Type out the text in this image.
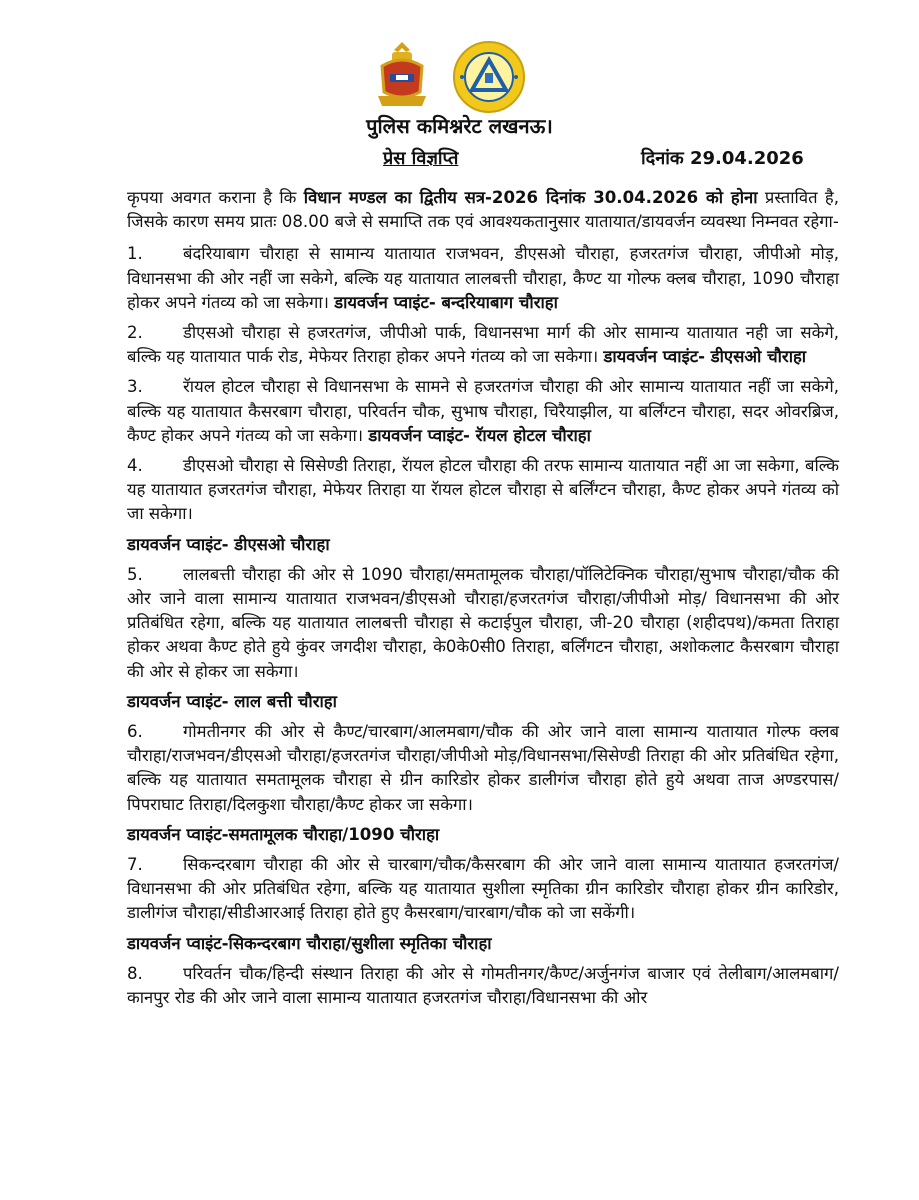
पुलिस कमिश्नरेट लखनऊ।
प्रेस विज्ञप्ति	दिनांक 29.04.2026

कृपया अवगत कराना है कि विधान मण्डल का द्वितीय सत्र-2026 दिनांक 30.04.2026 को होना प्रस्तावित है, जिसके कारण समय प्रातः 08.00 बजे से समाप्ति तक एवं आवश्यकतानुसार यातायात/डायवर्जन व्यवस्था निम्नवत रहेगा-

1. बंदरियाबाग चौराहा से सामान्य यातायात राजभवन, डीएसओ चौराहा, हजरतगंज चौराहा, जीपीओ मोड़, विधानसभा की ओर नहीं जा सकेगे, बल्कि यह यातायात लालबत्ती चौराहा, कैण्ट या गोल्फ क्लब चौराहा, 1090 चौराहा होकर अपने गंतव्य को जा सकेगा। डायवर्जन प्वाइंट- बन्दरियाबाग चौराहा

2. डीएसओ चौराहा से हजरतगंज, जीपीओ पार्क, विधानसभा मार्ग की ओर सामान्य यातायात नही जा सकेगे, बल्कि यह यातायात पार्क रोड, मेफेयर तिराहा होकर अपने गंतव्य को जा सकेगा। डायवर्जन प्वाइंट- डीएसओ चौराहा

3. रॅायल होटल चौराहा से विधानसभा के सामने से हजरतगंज चौराहा की ओर सामान्य यातायात नहीं जा सकेगे, बल्कि यह यातायात कैसरबाग चौराहा, परिवर्तन चौक, सुभाष चौराहा, चिरैयाझील, या बर्लिंग्टन चौराहा, सदर ओवरब्रिज, कैण्ट होकर अपने गंतव्य को जा सकेगा। डायवर्जन प्वाइंट- रॅायल होटल चौराहा

4. डीएसओ चौराहा से सिसेण्डी तिराहा, रॅायल होटल चौराहा की तरफ सामान्य यातायात नहीं आ जा सकेगा, बल्कि यह यातायात हजरतगंज चौराहा, मेफेयर तिराहा या रॅायल होटल चौराहा से बर्लिंग्टन चौराहा, कैण्ट होकर अपने गंतव्य को जा सकेगा।

डायवर्जन प्वाइंट- डीएसओ चौराहा

5. लालबत्ती चौराहा की ओर से 1090 चौराहा/समतामूलक चौराहा/पॉलिटेक्निक चौराहा/सुभाष चौराहा/चौक की ओर जाने वाला सामान्य यातायात राजभवन/डीएसओ चौराहा/हजरतगंज चौराहा/जीपीओ मोड़/ विधानसभा की ओर प्रतिबंधित रहेगा, बल्कि यह यातायात लालबत्ती चौराहा से कटाईपुल चौराहा, जी-20 चौराहा (शहीदपथ)/कमता तिराहा होकर अथवा कैण्ट होते हुये कुंवर जगदीश चौराहा, के0के0सी0 तिराहा, बर्लिंगटन चौराहा, अशोकलाट कैसरबाग चौराहा की ओर से होकर जा सकेगा।

डायवर्जन प्वाइंट- लाल बत्ती चौराहा

6. गोमतीनगर की ओर से कैण्ट/चारबाग/आलमबाग/चौक की ओर जाने वाला सामान्य यातायात गोल्फ क्लब चौराहा/राजभवन/डीएसओ चौराहा/हजरतगंज चौराहा/जीपीओ मोड़/विधानसभा/सिसेण्डी तिराहा की ओर प्रतिबंधित रहेगा, बल्कि यह यातायात समतामूलक चौराहा से ग्रीन कारिडोर होकर डालीगंज चौराहा होते हुये अथवा ताज अण्डरपास/पिपराघाट तिराहा/दिलकुशा चौराहा/कैण्ट होकर जा सकेगा।

डायवर्जन प्वाइंट-समतामूलक चौराहा/1090 चौराहा

7. सिकन्दरबाग चौराहा की ओर से चारबाग/चौक/कैसरबाग की ओर जाने वाला सामान्य यातायात हजरतगंज/विधानसभा की ओर प्रतिबंधित रहेगा, बल्कि यह यातायात सुशीला स्मृतिका ग्रीन कारिडोर चौराहा होकर ग्रीन कारिडोर, डालीगंज चौराहा/सीडीआरआई तिराहा होते हुए कैसरबाग/चारबाग/चौक को जा सकेंगी।

डायवर्जन प्वाइंट-सिकन्दरबाग चौराहा/सुशीला स्मृतिका चौराहा

8. परिवर्तन चौक/हिन्दी संस्थान तिराहा की ओर से गोमतीनगर/कैण्ट/अर्जुनगंज बाजार एवं तेलीबाग/आलमबाग/कानपुर रोड की ओर जाने वाला सामान्य यातायात हजरतगंज चौराहा/विधानसभा की ओर
